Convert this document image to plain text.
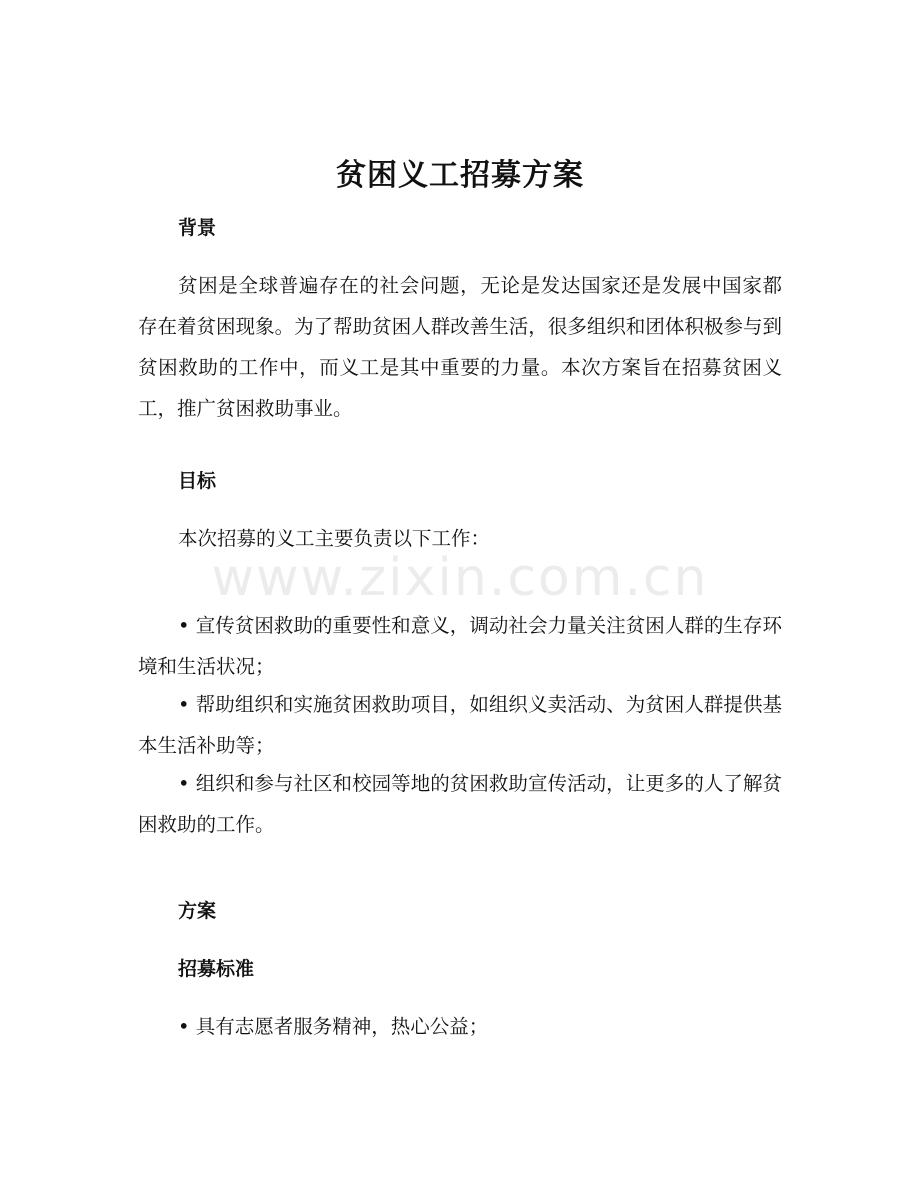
贫困义工招募方案
背景

贫困是全球普遍存在的社会问题，无论是发达国家还是发展中国家都存在着贫困现象。为了帮助贫困人群改善生活，很多组织和团体积极参与到贫困救助的工作中，而义工是其中重要的力量。本次方案旨在招募贫困义工，推广贫困救助事业。

目标

本次招募的义工主要负责以下工作：

• 宣传贫困救助的重要性和意义，调动社会力量关注贫困人群的生存环境和生活状况；

• 帮助组织和实施贫困救助项目，如组织义卖活动、为贫困人群提供基本生活补助等；

• 组织和参与社区和校园等地的贫困救助宣传活动，让更多的人了解贫困救助的工作。

方案
招募标准

• 具有志愿者服务精神，热心公益；

www.zixin.com.cn
